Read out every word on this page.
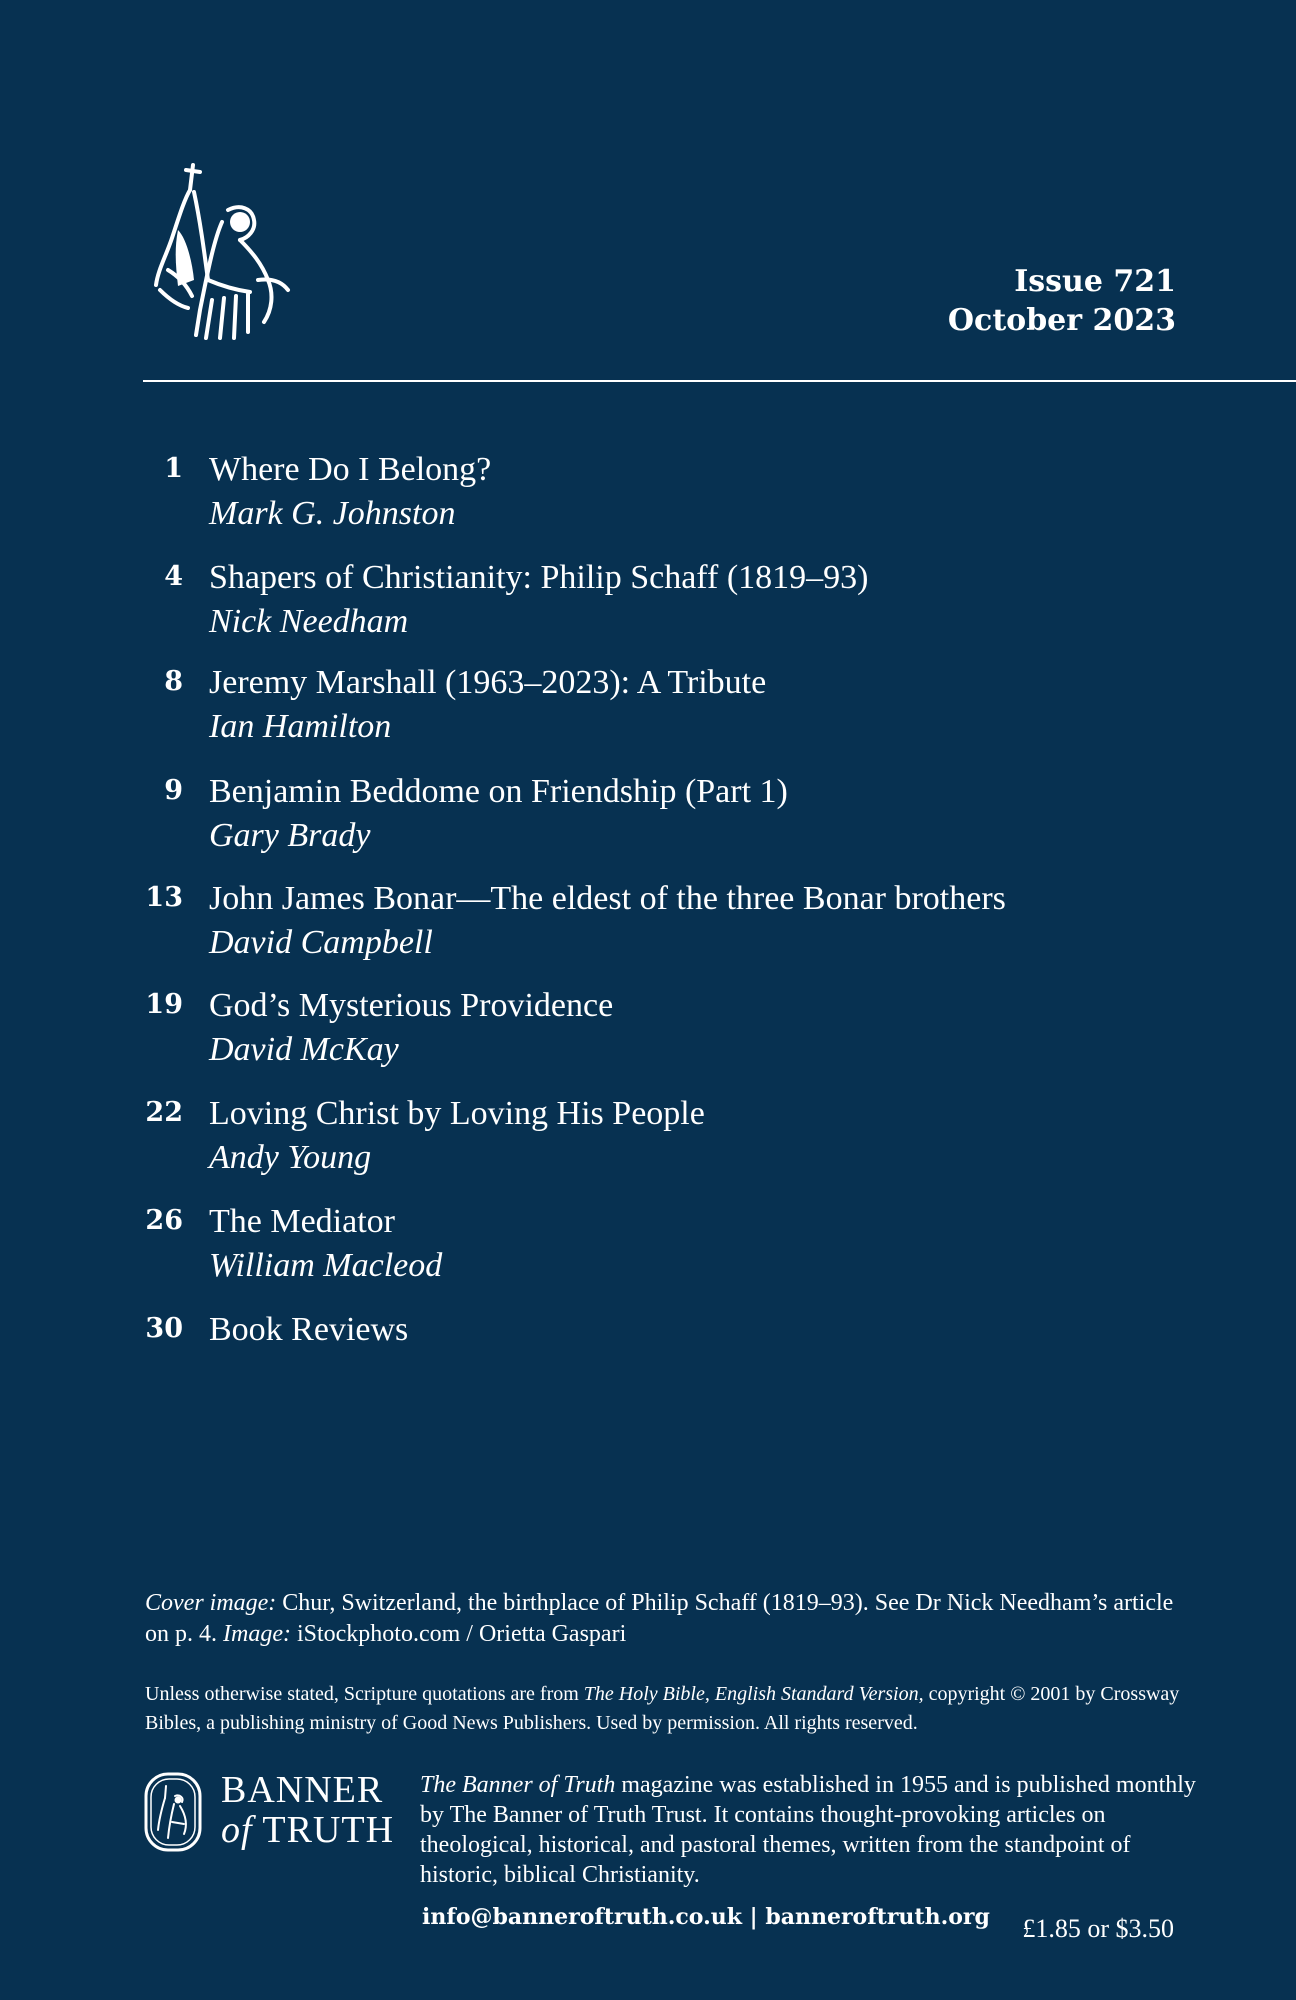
Issue 721
October 2023
1 Where Do I Belong?
Mark G. Johnston
4 Shapers of Christianity: Philip Schaff (1819–93)
Nick Needham
8 Jeremy Marshall (1963–2023): A Tribute
Ian Hamilton
9 Benjamin Beddome on Friendship (Part 1)
Gary Brady
13 John James Bonar—The eldest of the three Bonar brothers
David Campbell
19 God’s Mysterious Providence
David McKay
22 Loving Christ by Loving His People
Andy Young
26 The Mediator
William Macleod
30 Book Reviews
Cover image: Chur, Switzerland, the birthplace of Philip Schaff (1819–93). See Dr Nick Needham’s article on p. 4. Image: iStockphoto.com / Orietta Gaspari
Unless otherwise stated, Scripture quotations are from The Holy Bible, English Standard Version, copyright © 2001 by Crossway Bibles, a publishing ministry of Good News Publishers. Used by permission. All rights reserved.
BANNER
of TRUTH
The Banner of Truth magazine was established in 1955 and is published monthly by The Banner of Truth Trust. It contains thought-provoking articles on theological, historical, and pastoral themes, written from the standpoint of historic, biblical Christianity.
info@banneroftruth.co.uk | banneroftruth.org £1.85 or $3.50
